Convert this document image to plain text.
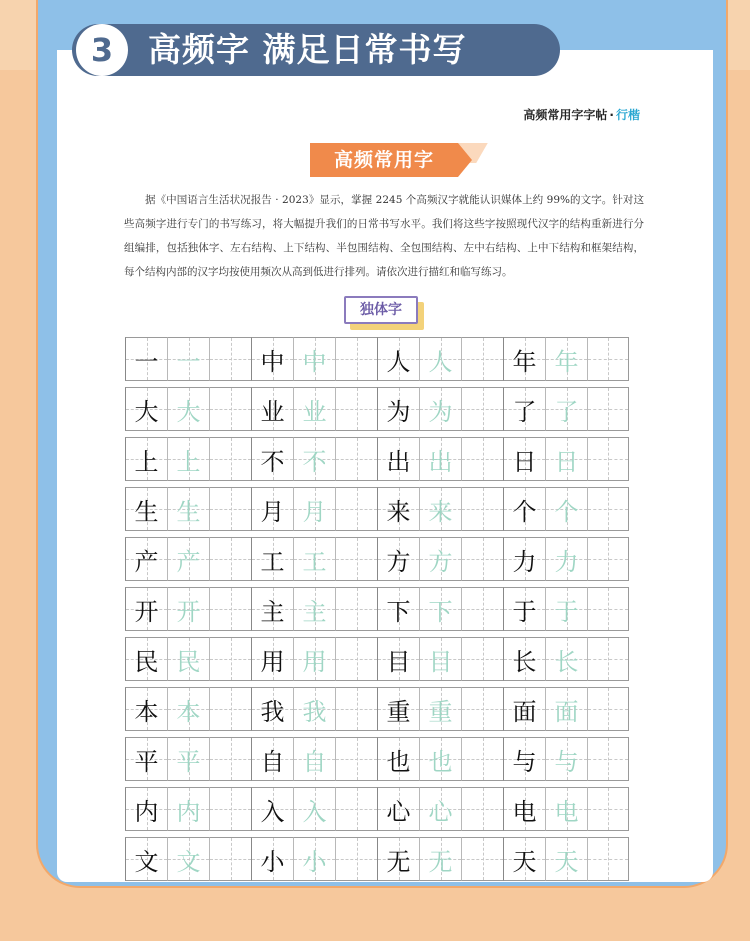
3	高频字 满足日常书写
高频常用字字帖 · 行楷
高频常用字

据《中国语言生活状况报告 · 2023》显示，掌握 2245 个高频汉字就能认识媒体上约 99%的文字。针对这些高频字进行专门的书写练习，将大幅提升我们的日常书写水平。我们将这些字按照现代汉字的结构重新进行分组编排，包括独体字、左右结构、上下结构、半包围结构、全包围结构、左中右结构、上中下结构和框架结构，每个结构内部的汉字均按使用频次从高到低进行排列。请依次进行描红和临写练习。

独体字
一 一	中 中	人 人	年 年
大 大	业 业	为 为	了 了
上 上	不 不	出 出	日 日
生 生	月 月	来 来	个 个
产 产	工 工	方 方	力 力
开 开	主 主	下 下	于 于
民 民	用 用	目 目	长 长
本 本	我 我	重 重	面 面
平 平	自 自	也 也	与 与
内 内	入 入	心 心	电 电
文 文	小 小	无 无	天 天
